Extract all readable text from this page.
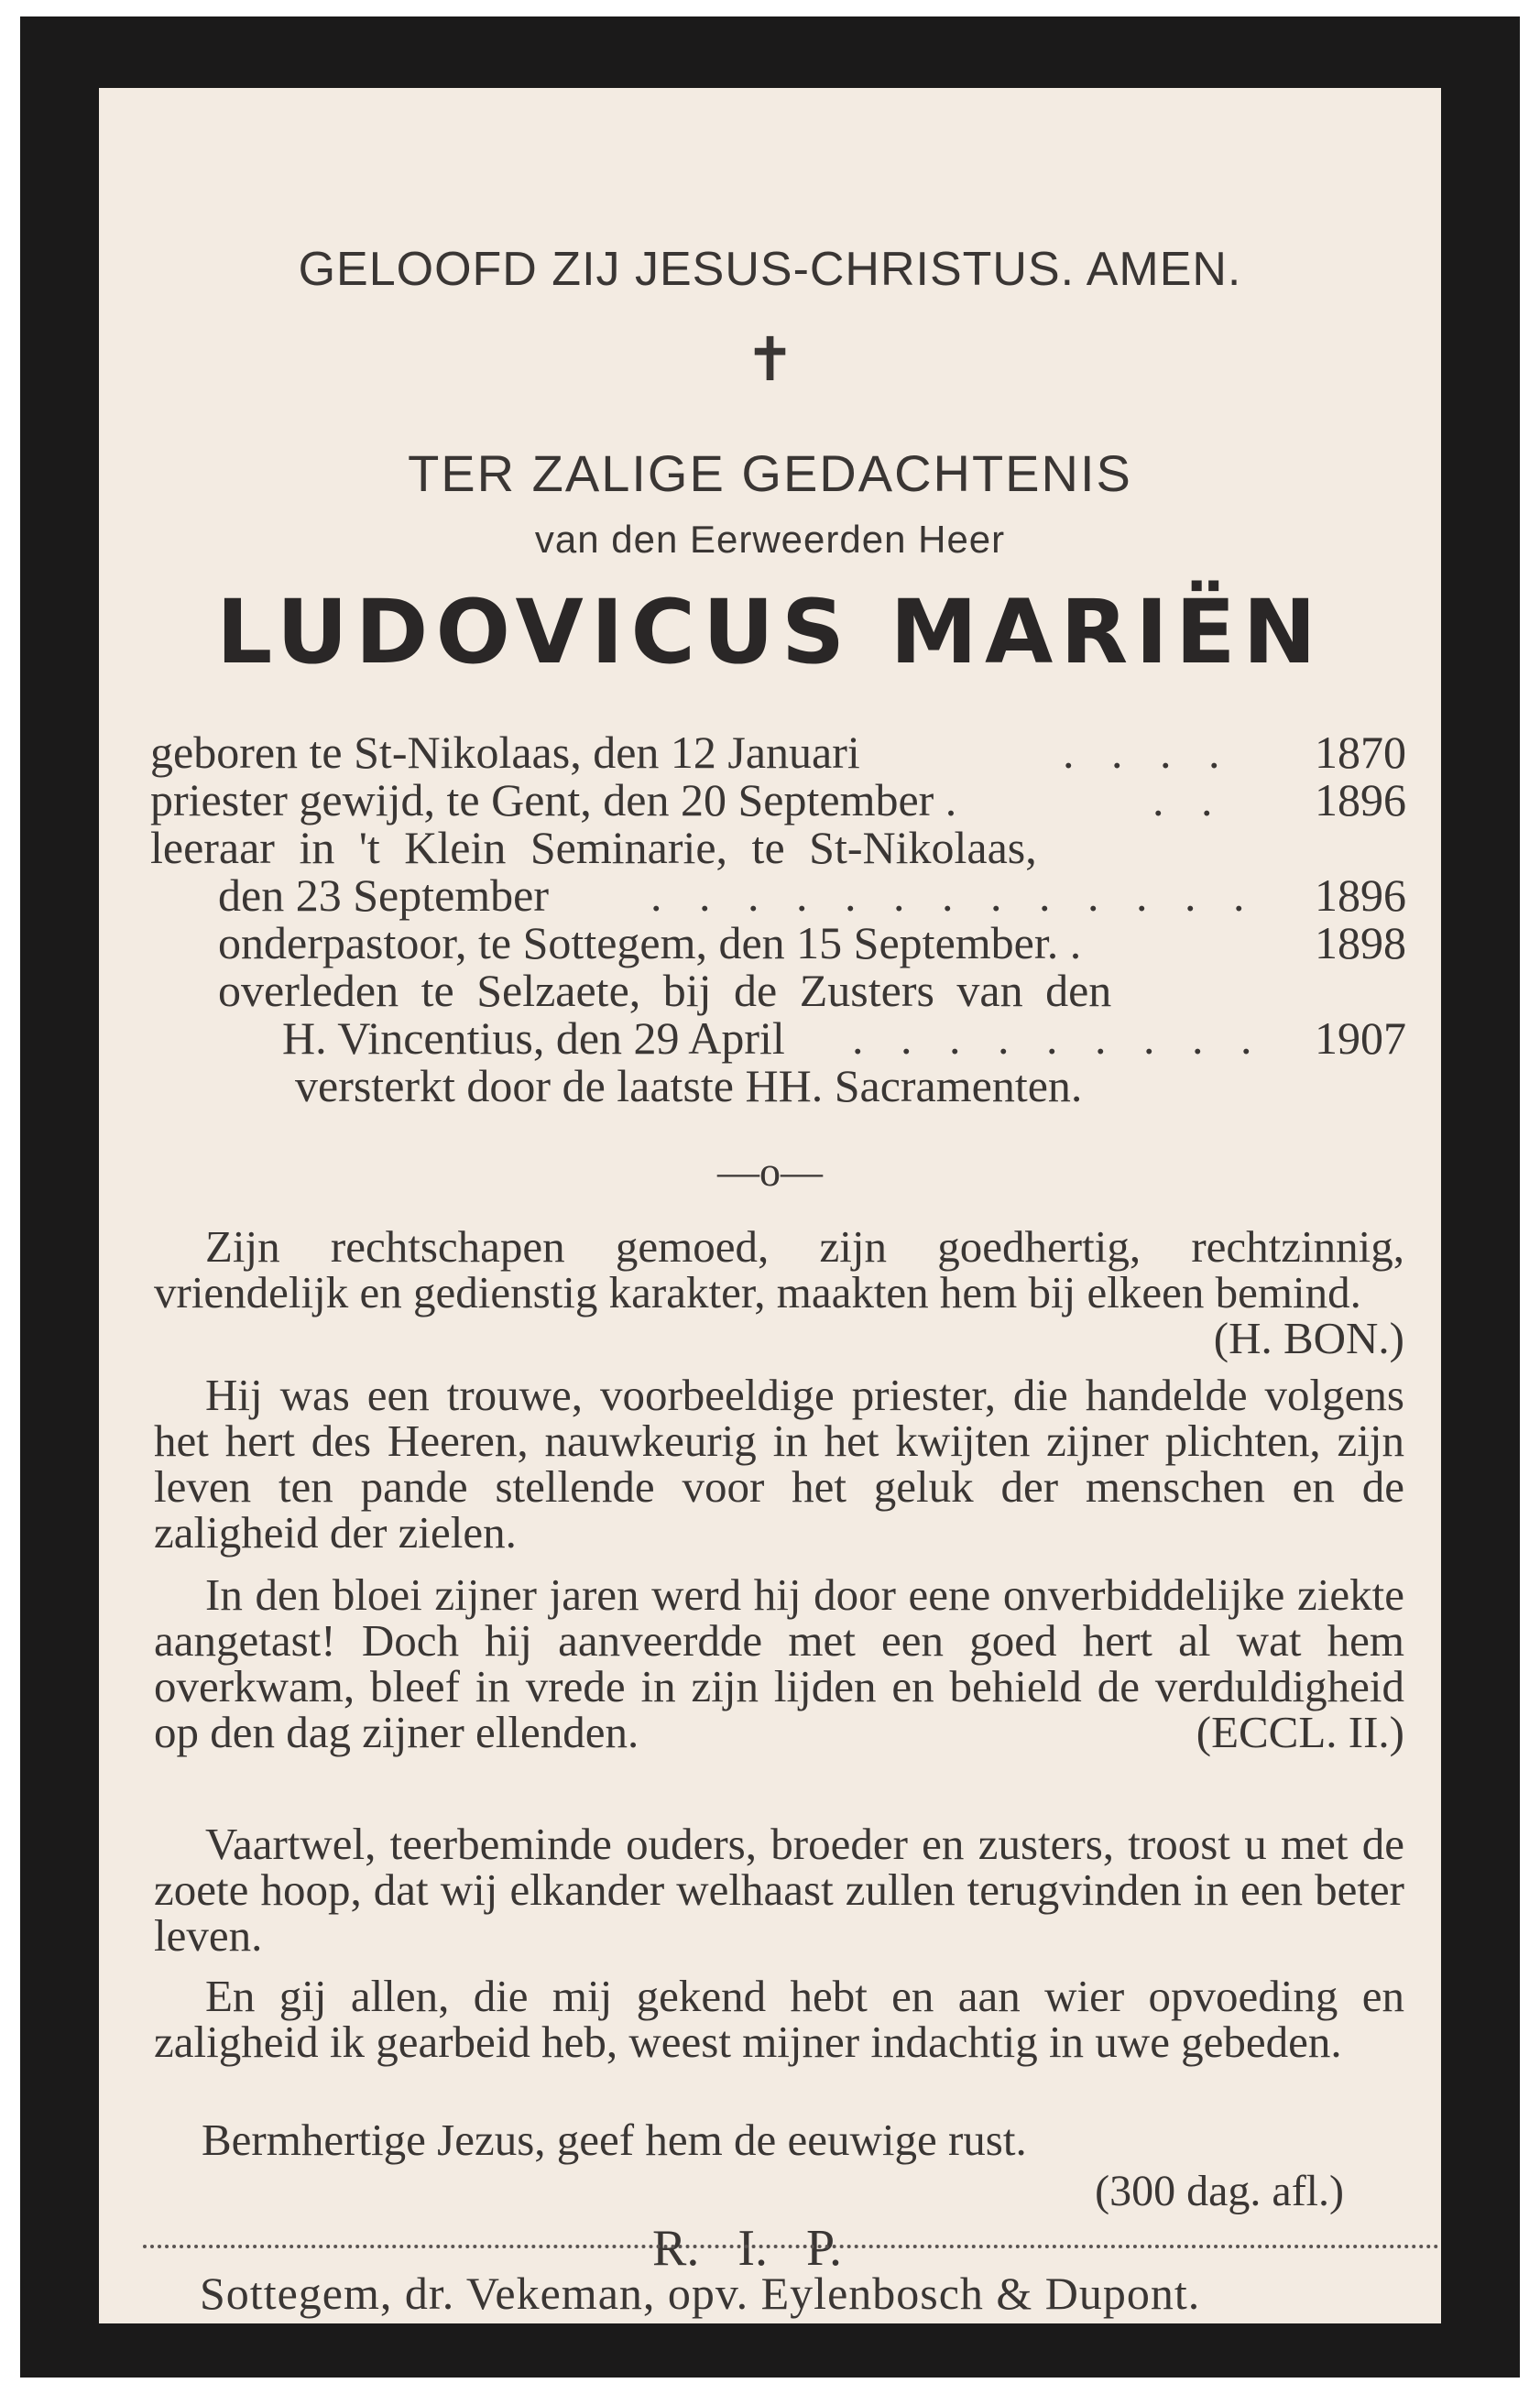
GELOOFD ZIJ JESUS-CHRISTUS. AMEN.
✝
TER ZALIGE GEDACHTENIS
van den Eerweerden Heer
LUDOVICUS MARIËN
geboren te St-Nikolaas, den 12 Januari	. . . . 1870
priester gewijd, te Gent, den 20 September .	. . 1896
leeraar in 't Klein Seminarie, te St-Nikolaas,
den 23 September . . . . . . . . . . . . . 1896
onderpastoor, te Sottegem, den 15 September. .	1898
overleden te Selzaete, bij de Zusters van den
H. Vincentius, den 29 April . . . . . . . . . 1907
versterkt door de laatste HH. Sacramenten.
—o—
Zijn rechtschapen gemoed, zijn goedhertig, rechtzinnig, vriendelijk en gedienstig karakter, maakten hem bij elkeen bemind.
(H. BON.)
Hij was een trouwe, voorbeeldige priester, die handelde volgens het hert des Heeren, nauwkeurig in het kwijten zijner plichten, zijn leven ten pande stellende voor het geluk der menschen en de zaligheid der zielen.
In den bloei zijner jaren werd hij door eene onverbiddelijke ziekte aangetast! Doch hij aanveerdde met een goed hert al wat hem overkwam, bleef in vrede in zijn lijden en behield de verduldigheid op den dag zijner ellenden.	(ECCL. II.)
Vaartwel, teerbeminde ouders, broeder en zusters, troost u met de zoete hoop, dat wij elkander welhaast zullen terugvinden in een beter leven.
En gij allen, die mij gekend hebt en aan wier opvoeding en zaligheid ik gearbeid heb, weest mijner indachtig in uwe gebeden.
Bermhertige Jezus, geef hem de eeuwige rust.
(300 dag. afl.)
R.   I.   P.
Sottegem, dr. Vekeman, opv. Eylenbosch & Dupont.
